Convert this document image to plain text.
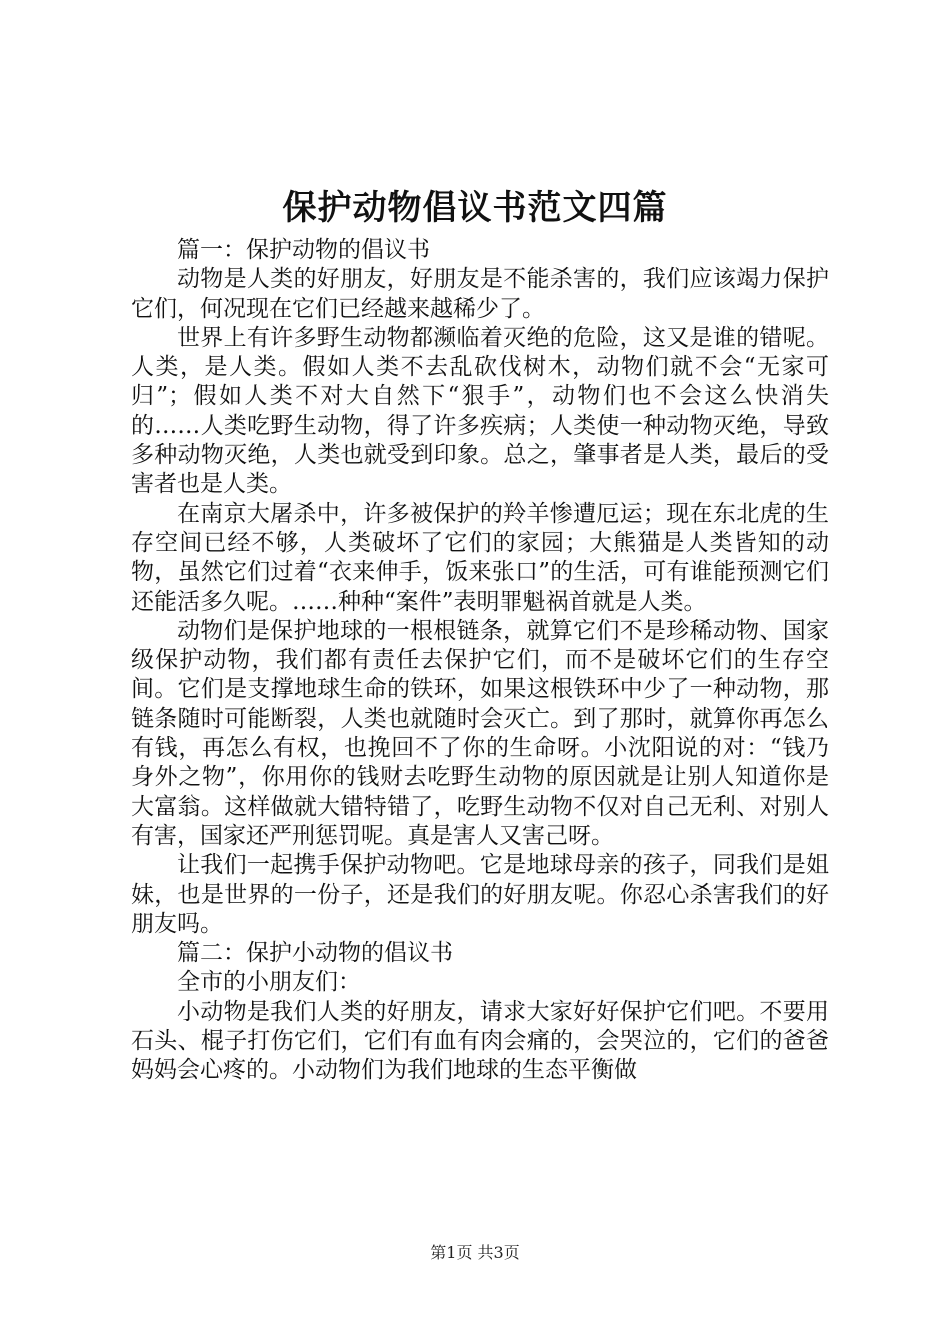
保护动物倡议书范文四篇

篇一：保护动物的倡议书

动物是人类的好朋友，好朋友是不能杀害的，我们应该竭力保护它们，何况现在它们已经越来越稀少了。

世界上有许多野生动物都濒临着灭绝的危险，这又是谁的错呢。人类，是人类。假如人类不去乱砍伐树木，动物们就不会“无家可归”；假如人类不对大自然下“狠手”，动物们也不会这么快消失的……人类吃野生动物，得了许多疾病；人类使一种动物灭绝，导致多种动物灭绝，人类也就受到印象。总之，肇事者是人类，最后的受害者也是人类。

在南京大屠杀中，许多被保护的羚羊惨遭厄运；现在东北虎的生存空间已经不够，人类破坏了它们的家园；大熊猫是人类皆知的动物，虽然它们过着“衣来伸手，饭来张口”的生活，可有谁能预测它们还能活多久呢。……种种“案件”表明罪魁祸首就是人类。

动物们是保护地球的一根根链条，就算它们不是珍稀动物、国家级保护动物，我们都有责任去保护它们，而不是破坏它们的生存空间。它们是支撑地球生命的铁环，如果这根铁环中少了一种动物，那链条随时可能断裂，人类也就随时会灭亡。到了那时，就算你再怎么有钱，再怎么有权，也挽回不了你的生命呀。小沈阳说的对：“钱乃身外之物”，你用你的钱财去吃野生动物的原因就是让别人知道你是大富翁。这样做就大错特错了，吃野生动物不仅对自己无利、对别人有害，国家还严刑惩罚呢。真是害人又害己呀。

让我们一起携手保护动物吧。它是地球母亲的孩子，同我们是姐妹，也是世界的一份子，还是我们的好朋友呢。你忍心杀害我们的好朋友吗。

篇二：保护小动物的倡议书

全市的小朋友们：

小动物是我们人类的好朋友，请求大家好好保护它们吧。不要用石头、棍子打伤它们，它们有血有肉会痛的，会哭泣的，它们的爸爸妈妈会心疼的。小动物们为我们地球的生态平衡做

第1页 共3页
